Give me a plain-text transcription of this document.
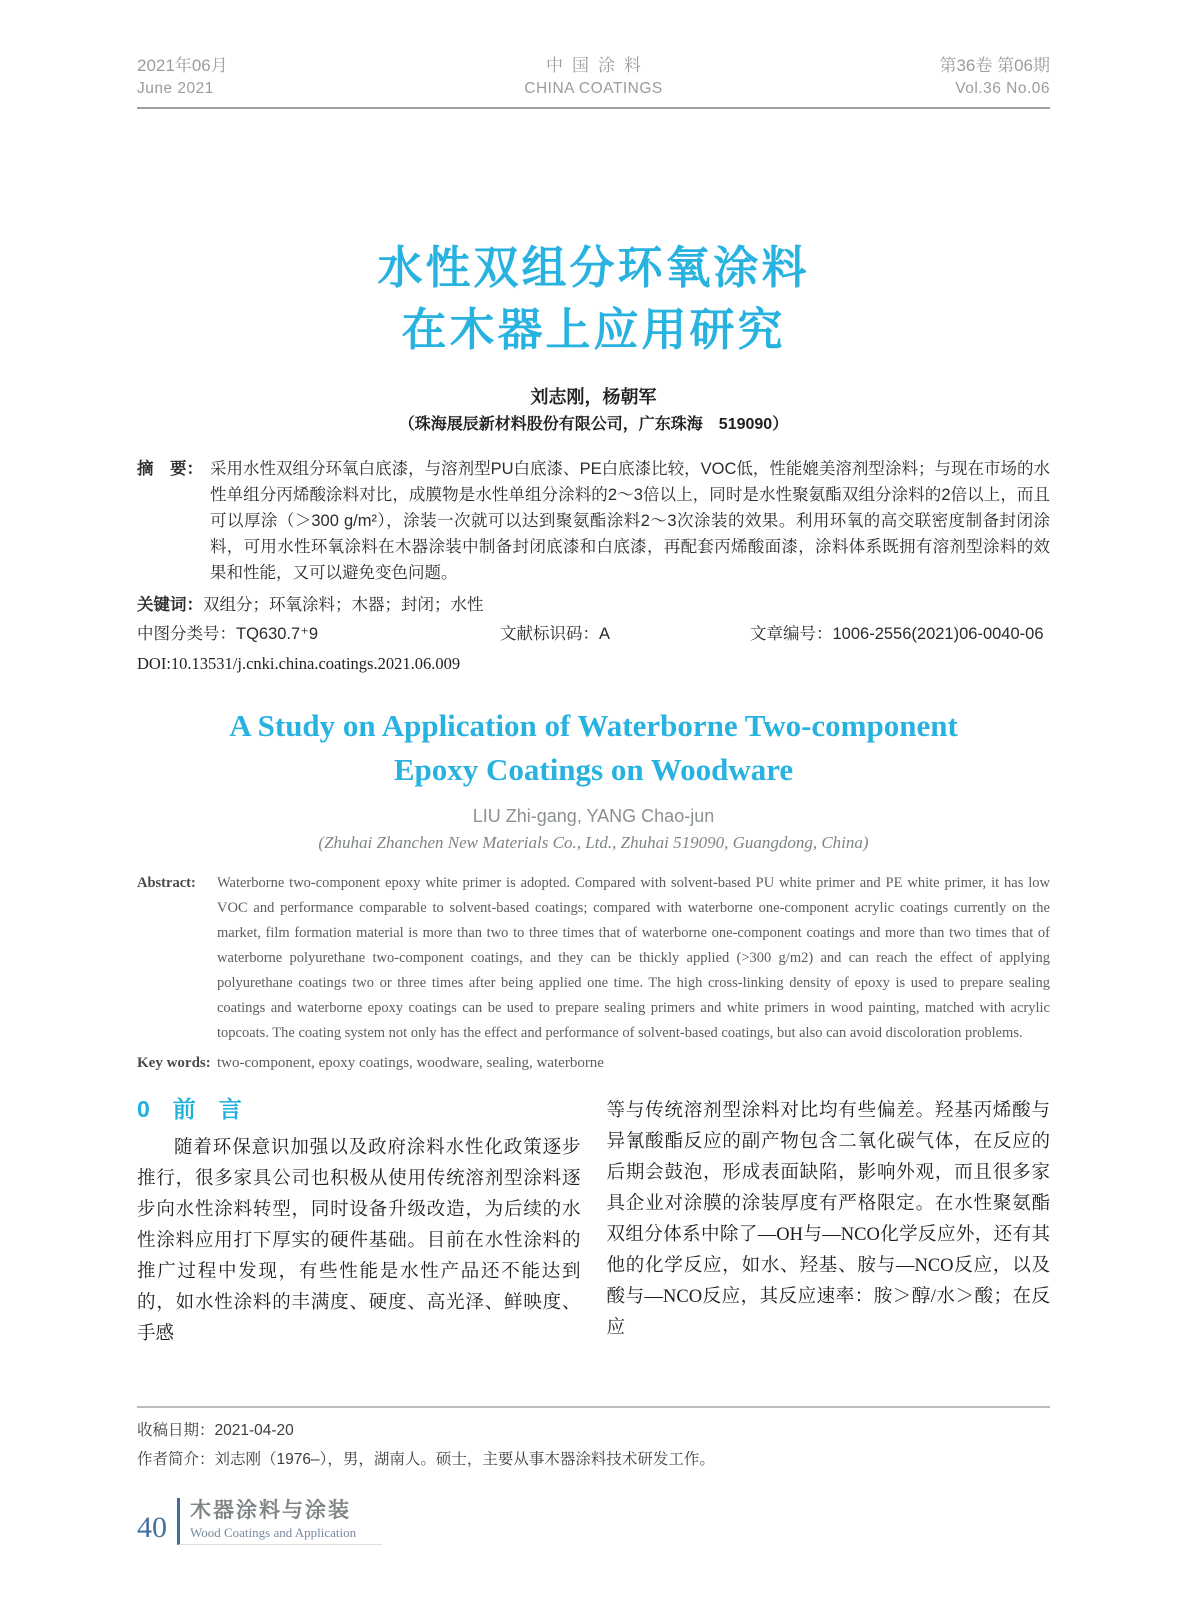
2021年06月
June 2021
中国涂料
CHINA COATINGS
第36卷 第06期
Vol.36 No.06
水性双组分环氧涂料
在木器上应用研究
刘志刚，杨朝军
（珠海展辰新材料股份有限公司，广东珠海　519090）
摘　要： 采用水性双组分环氧白底漆，与溶剂型PU白底漆、PE白底漆比较，VOC低，性能媲美溶剂型涂料；与现在市场的水性单组分丙烯酸涂料对比，成膜物是水性单组分涂料的2～3倍以上，同时是水性聚氨酯双组分涂料的2倍以上，而且可以厚涂（＞300 g/m²），涂装一次就可以达到聚氨酯涂料2～3次涂装的效果。利用环氧的高交联密度制备封闭涂料，可用水性环氧涂料在木器涂装中制备封闭底漆和白底漆，再配套丙烯酸面漆，涂料体系既拥有溶剂型涂料的效果和性能，又可以避免变色问题。
关键词：双组分；环氧涂料；木器；封闭；水性
中图分类号：TQ630.7⁺9	文献标识码：A	文章编号：1006-2556(2021)06-0040-06
DOI:10.13531/j.cnki.china.coatings.2021.06.009
A Study on Application of Waterborne Two-component
Epoxy Coatings on Woodware
LIU Zhi-gang, YANG Chao-jun
(Zhuhai Zhanchen New Materials Co., Ltd., Zhuhai 519090, Guangdong, China)
Abstract: Waterborne two-component epoxy white primer is adopted. Compared with solvent-based PU white primer and PE white primer, it has low VOC and performance comparable to solvent-based coatings; compared with waterborne one-component acrylic coatings currently on the market, film formation material is more than two to three times that of waterborne one-component coatings and more than two times that of waterborne polyurethane two-component coatings, and they can be thickly applied (>300 g/m2) and can reach the effect of applying polyurethane coatings two or three times after being applied one time. The high cross-linking density of epoxy is used to prepare sealing coatings and waterborne epoxy coatings can be used to prepare sealing primers and white primers in wood painting, matched with acrylic topcoats. The coating system not only has the effect and performance of solvent-based coatings, but also can avoid discoloration problems.
Key words: two-component, epoxy coatings, woodware, sealing, waterborne
0　前　言

随着环保意识加强以及政府涂料水性化政策逐步推行，很多家具公司也积极从使用传统溶剂型涂料逐步向水性涂料转型，同时设备升级改造，为后续的水性涂料应用打下厚实的硬件基础。目前在水性涂料的推广过程中发现，有些性能是水性产品还不能达到的，如水性涂料的丰满度、硬度、高光泽、鲜映度、手感

等与传统溶剂型涂料对比均有些偏差。羟基丙烯酸与异氰酸酯反应的副产物包含二氧化碳气体，在反应的后期会鼓泡，形成表面缺陷，影响外观，而且很多家具企业对涂膜的涂装厚度有严格限定。在水性聚氨酯双组分体系中除了—OH与—NCO化学反应外，还有其他的化学反应，如水、羟基、胺与—NCO反应，以及酸与—NCO反应，其反应速率：胺＞醇/水＞酸；在反应

收稿日期：2021-04-20
作者简介：刘志刚（1976–），男，湖南人。硕士，主要从事木器涂料技术研发工作。
40
木器涂料与涂装
Wood Coatings and Application
